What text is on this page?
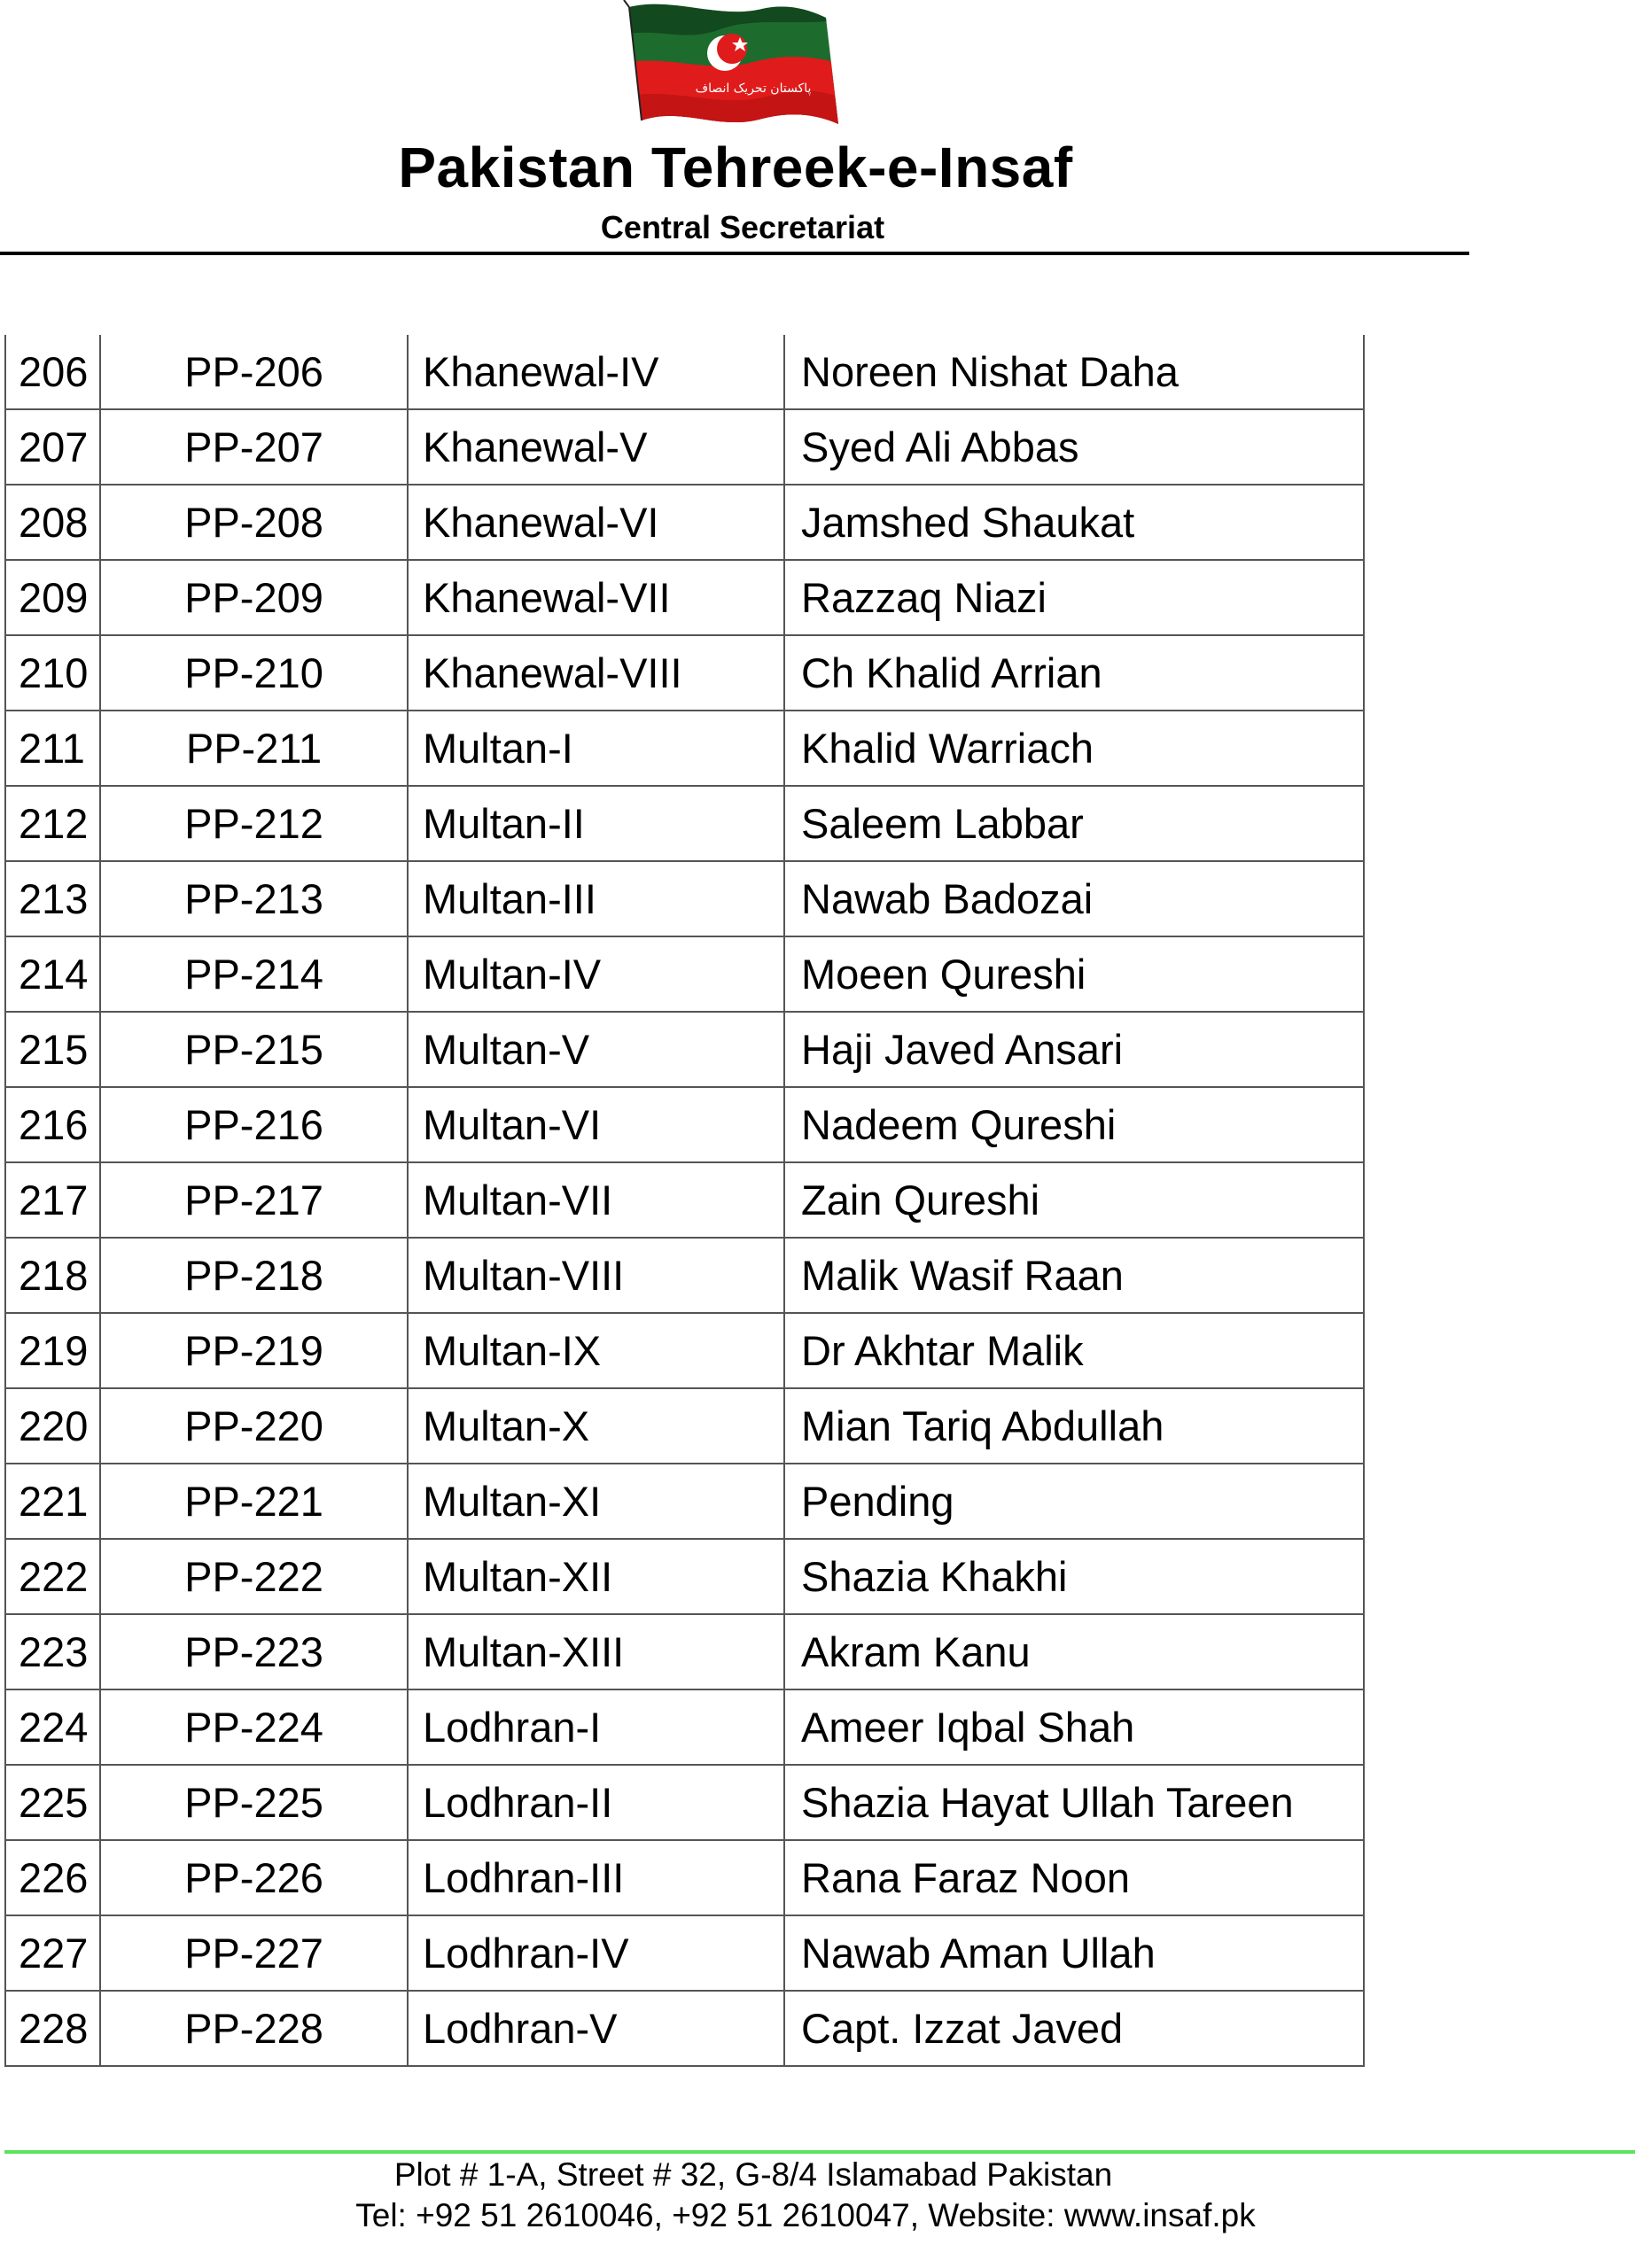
پاکستان تحریک انصاف
Pakistan Tehreek-e-Insaf
Central Secretariat
206	PP-206	Khanewal-IV	Noreen Nishat Daha
207	PP-207	Khanewal-V	Syed Ali Abbas
208	PP-208	Khanewal-VI	Jamshed Shaukat
209	PP-209	Khanewal-VII	Razzaq Niazi
210	PP-210	Khanewal-VIII	Ch Khalid Arrian
211	PP-211	Multan-I	Khalid Warriach
212	PP-212	Multan-II	Saleem Labbar
213	PP-213	Multan-III	Nawab Badozai
214	PP-214	Multan-IV	Moeen Qureshi
215	PP-215	Multan-V	Haji Javed Ansari
216	PP-216	Multan-VI	Nadeem Qureshi
217	PP-217	Multan-VII	Zain Qureshi
218	PP-218	Multan-VIII	Malik Wasif Raan
219	PP-219	Multan-IX	Dr Akhtar Malik
220	PP-220	Multan-X	Mian Tariq Abdullah
221	PP-221	Multan-XI	Pending
222	PP-222	Multan-XII	Shazia Khakhi
223	PP-223	Multan-XIII	Akram Kanu
224	PP-224	Lodhran-I	Ameer Iqbal Shah
225	PP-225	Lodhran-II	Shazia Hayat Ullah Tareen
226	PP-226	Lodhran-III	Rana Faraz Noon
227	PP-227	Lodhran-IV	Nawab Aman Ullah
228	PP-228	Lodhran-V	Capt. Izzat Javed
Plot # 1-A, Street # 32, G-8/4 Islamabad Pakistan
Tel: +92 51 2610046, +92 51 2610047, Website: www.insaf.pk
